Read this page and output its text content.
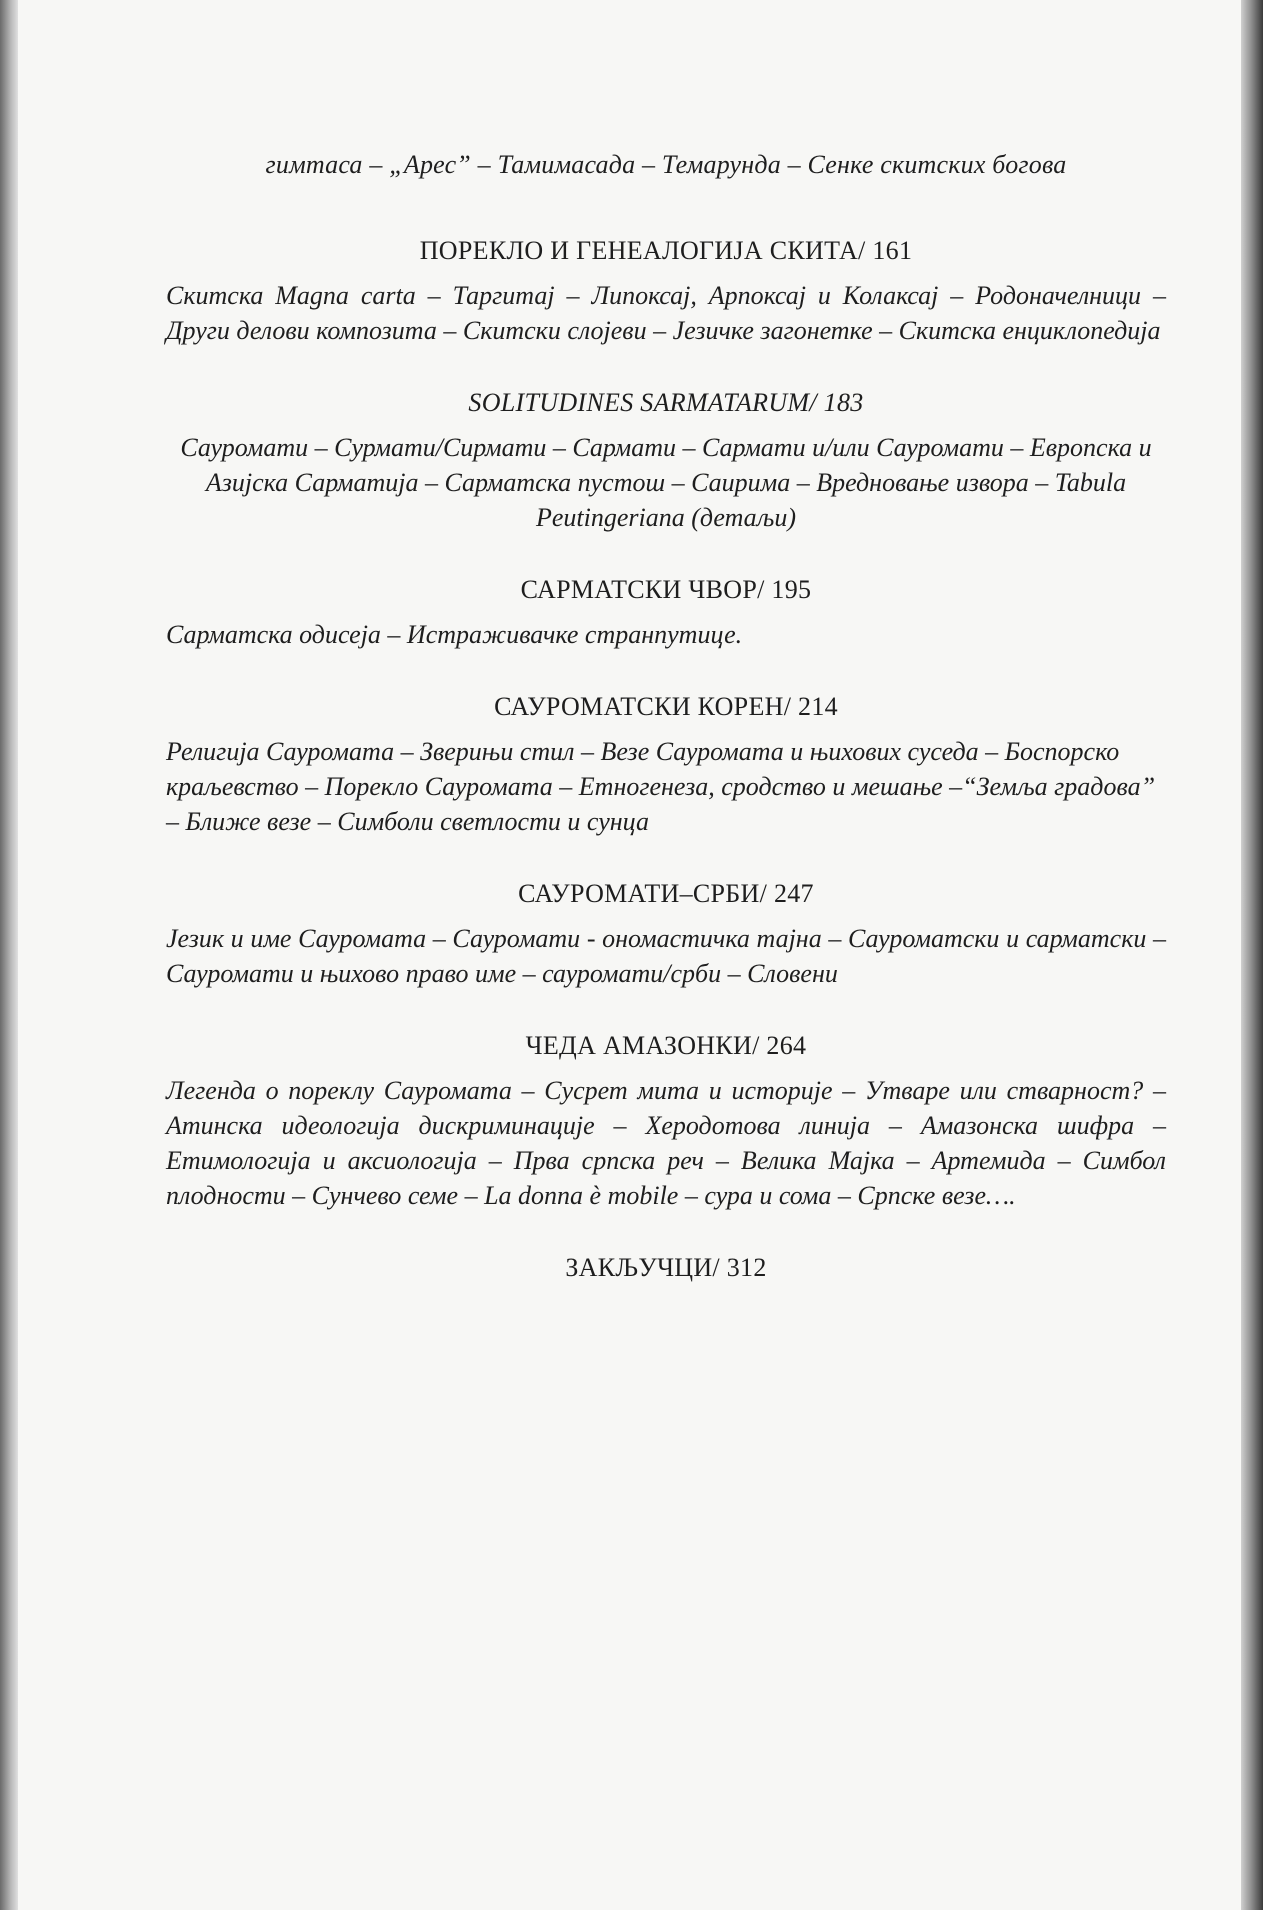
гимтаса – „Арес” – Тамимасада – Темарунда – Сенке скитских богова

ПОРЕКЛО И ГЕНЕАЛОГИЈА СКИТА/ 161

Скитска Magna carta – Таргитај – Липоксај, Арпоксај и Колаксај – Родоначелници – Други делови композита – Скитски слојеви – Језичке загонетке – Скитска енциклопедија

SOLITUDINES SARMATARUM/ 183

Сауромати – Сурмати/Сирмати – Сармати – Сармати и/или Сауромати – Европска и Азијска Сарматија – Сарматска пустош – Саирима – Вредновање извора – Tabula Peutingeriana (детаљи)

САРМАТСКИ ЧВОР/ 195

Сарматска одисеја – Истраживачке странпутице.

САУРОМАТСКИ КОРЕН/ 214

Религија Сауромата – Зверињи стил – Везе Сауромата и њихових суседа – Боспорско краљевство – Порекло Сауромата – Етногенеза, сродство и мешање –“Земља градова” – Ближе везе – Симболи светлости и сунца

САУРОМАТИ–СРБИ/ 247

Језик и име Сауромата – Сауромати - ономастичка тајна – Сауроматски и сарматски – Сауромати и њихово право име – сауромати/срби – Словени

ЧЕДА АМАЗОНКИ/ 264

Легенда о пореклу Сауромата – Сусрет мита и историје – Утваре или стварност? – Атинска идеологија дискриминације – Херодотова линија – Амазонска шифра – Етимологија и аксиологија – Прва српска реч – Велика Мајка – Артемида – Симбол плодности – Сунчево семе – La donna è mobile – сура и сома – Српске везе….

ЗАКЉУЧЦИ/ 312
